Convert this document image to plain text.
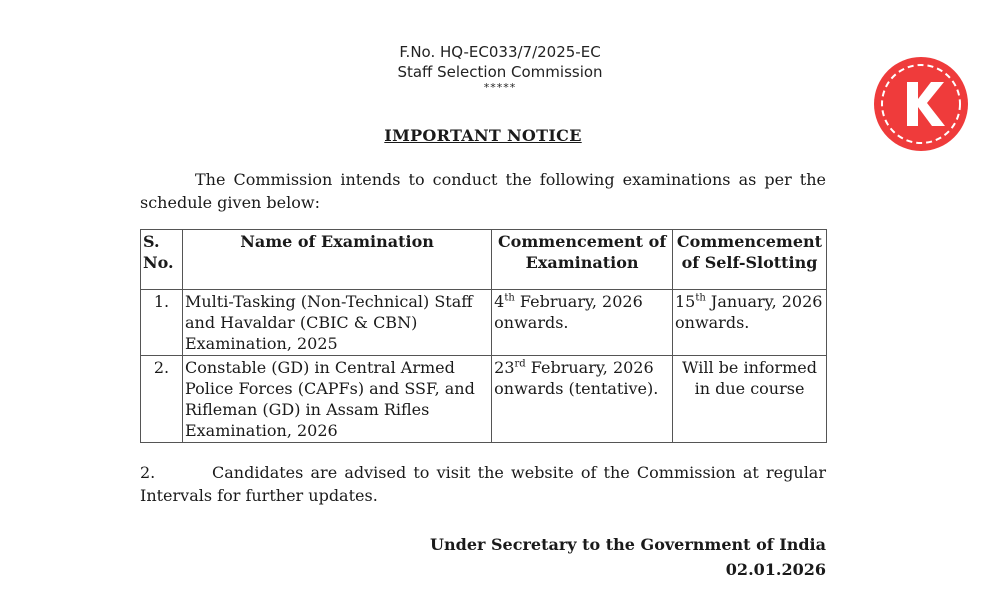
F.No. HQ-EC033/7/2025-EC
Staff Selection Commission
*****
IMPORTANT NOTICE
The Commission intends to conduct the following examinations as per the schedule given below:
S. No.	Name of Examination	Commencement of Examination	Commencement of Self-Slotting
1.	Multi-Tasking (Non-Technical) Staff and Havaldar (CBIC & CBN) Examination, 2025	4th February, 2026 onwards.	15th January, 2026 onwards.
2.	Constable (GD) in Central Armed Police Forces (CAPFs) and SSF, and Rifleman (GD) in Assam Rifles Examination, 2026	23rd February, 2026 onwards (tentative).	Will be informed in due course
2.	Candidates are advised to visit the website of the Commission at regular Intervals for further updates.
Under Secretary to the Government of India
02.01.2026
